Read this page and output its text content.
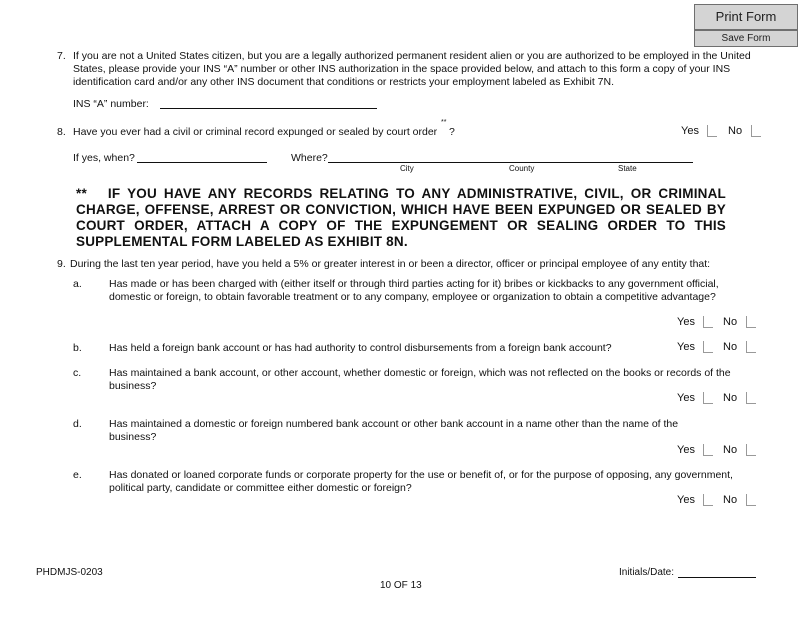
Print Form
Save Form
7. If you are not a United States citizen, but you are a legally authorized permanent resident alien or you are authorized to be employed in the United States, please provide your INS “A” number or other INS authorization in the space provided below, and attach to this form a copy of your INS identification card and/or any other INS document that conditions or restricts your employment labeled as Exhibit 7N.
INS “A” number:
8. Have you ever had a civil or criminal record expunged or sealed by court order
**
?	Yes	No
If yes, when?	Where?
City	County	State
** IF YOU HAVE ANY RECORDS RELATING TO ANY ADMINISTRATIVE, CIVIL, OR CRIMINAL CHARGE, OFFENSE, ARREST OR CONVICTION, WHICH HAVE BEEN EXPUNGED OR SEALED BY COURT ORDER, ATTACH A COPY OF THE EXPUNGEMENT OR SEALING ORDER TO THIS SUPPLEMENTAL FORM LABELED AS EXHIBIT 8N.
9. During the last ten year period, have you held a 5% or greater interest in or been a director, officer or principal employee of any entity that:
a.	Has made or has been charged with (either itself or through third parties acting for it) bribes or kickbacks to any government official, domestic or foreign, to obtain favorable treatment or to any company, employee or organization to obtain a competitive advantage?
Yes	No
b.	Has held a foreign bank account or has had authority to control disbursements from a foreign bank account?	Yes	No
c.	Has maintained a bank account, or other account, whether domestic or foreign, which was not reflected on the books or records of the business?
Yes	No
d.	Has maintained a domestic or foreign numbered bank account or other bank account in a name other than the name of the business?
Yes	No
e.	Has donated or loaned corporate funds or corporate property for the use or benefit of, or for the purpose of opposing, any government, political party, candidate or committee either domestic or foreign?
Yes	No
PHDMJS-0203
10 OF 13
Initials/Date:
